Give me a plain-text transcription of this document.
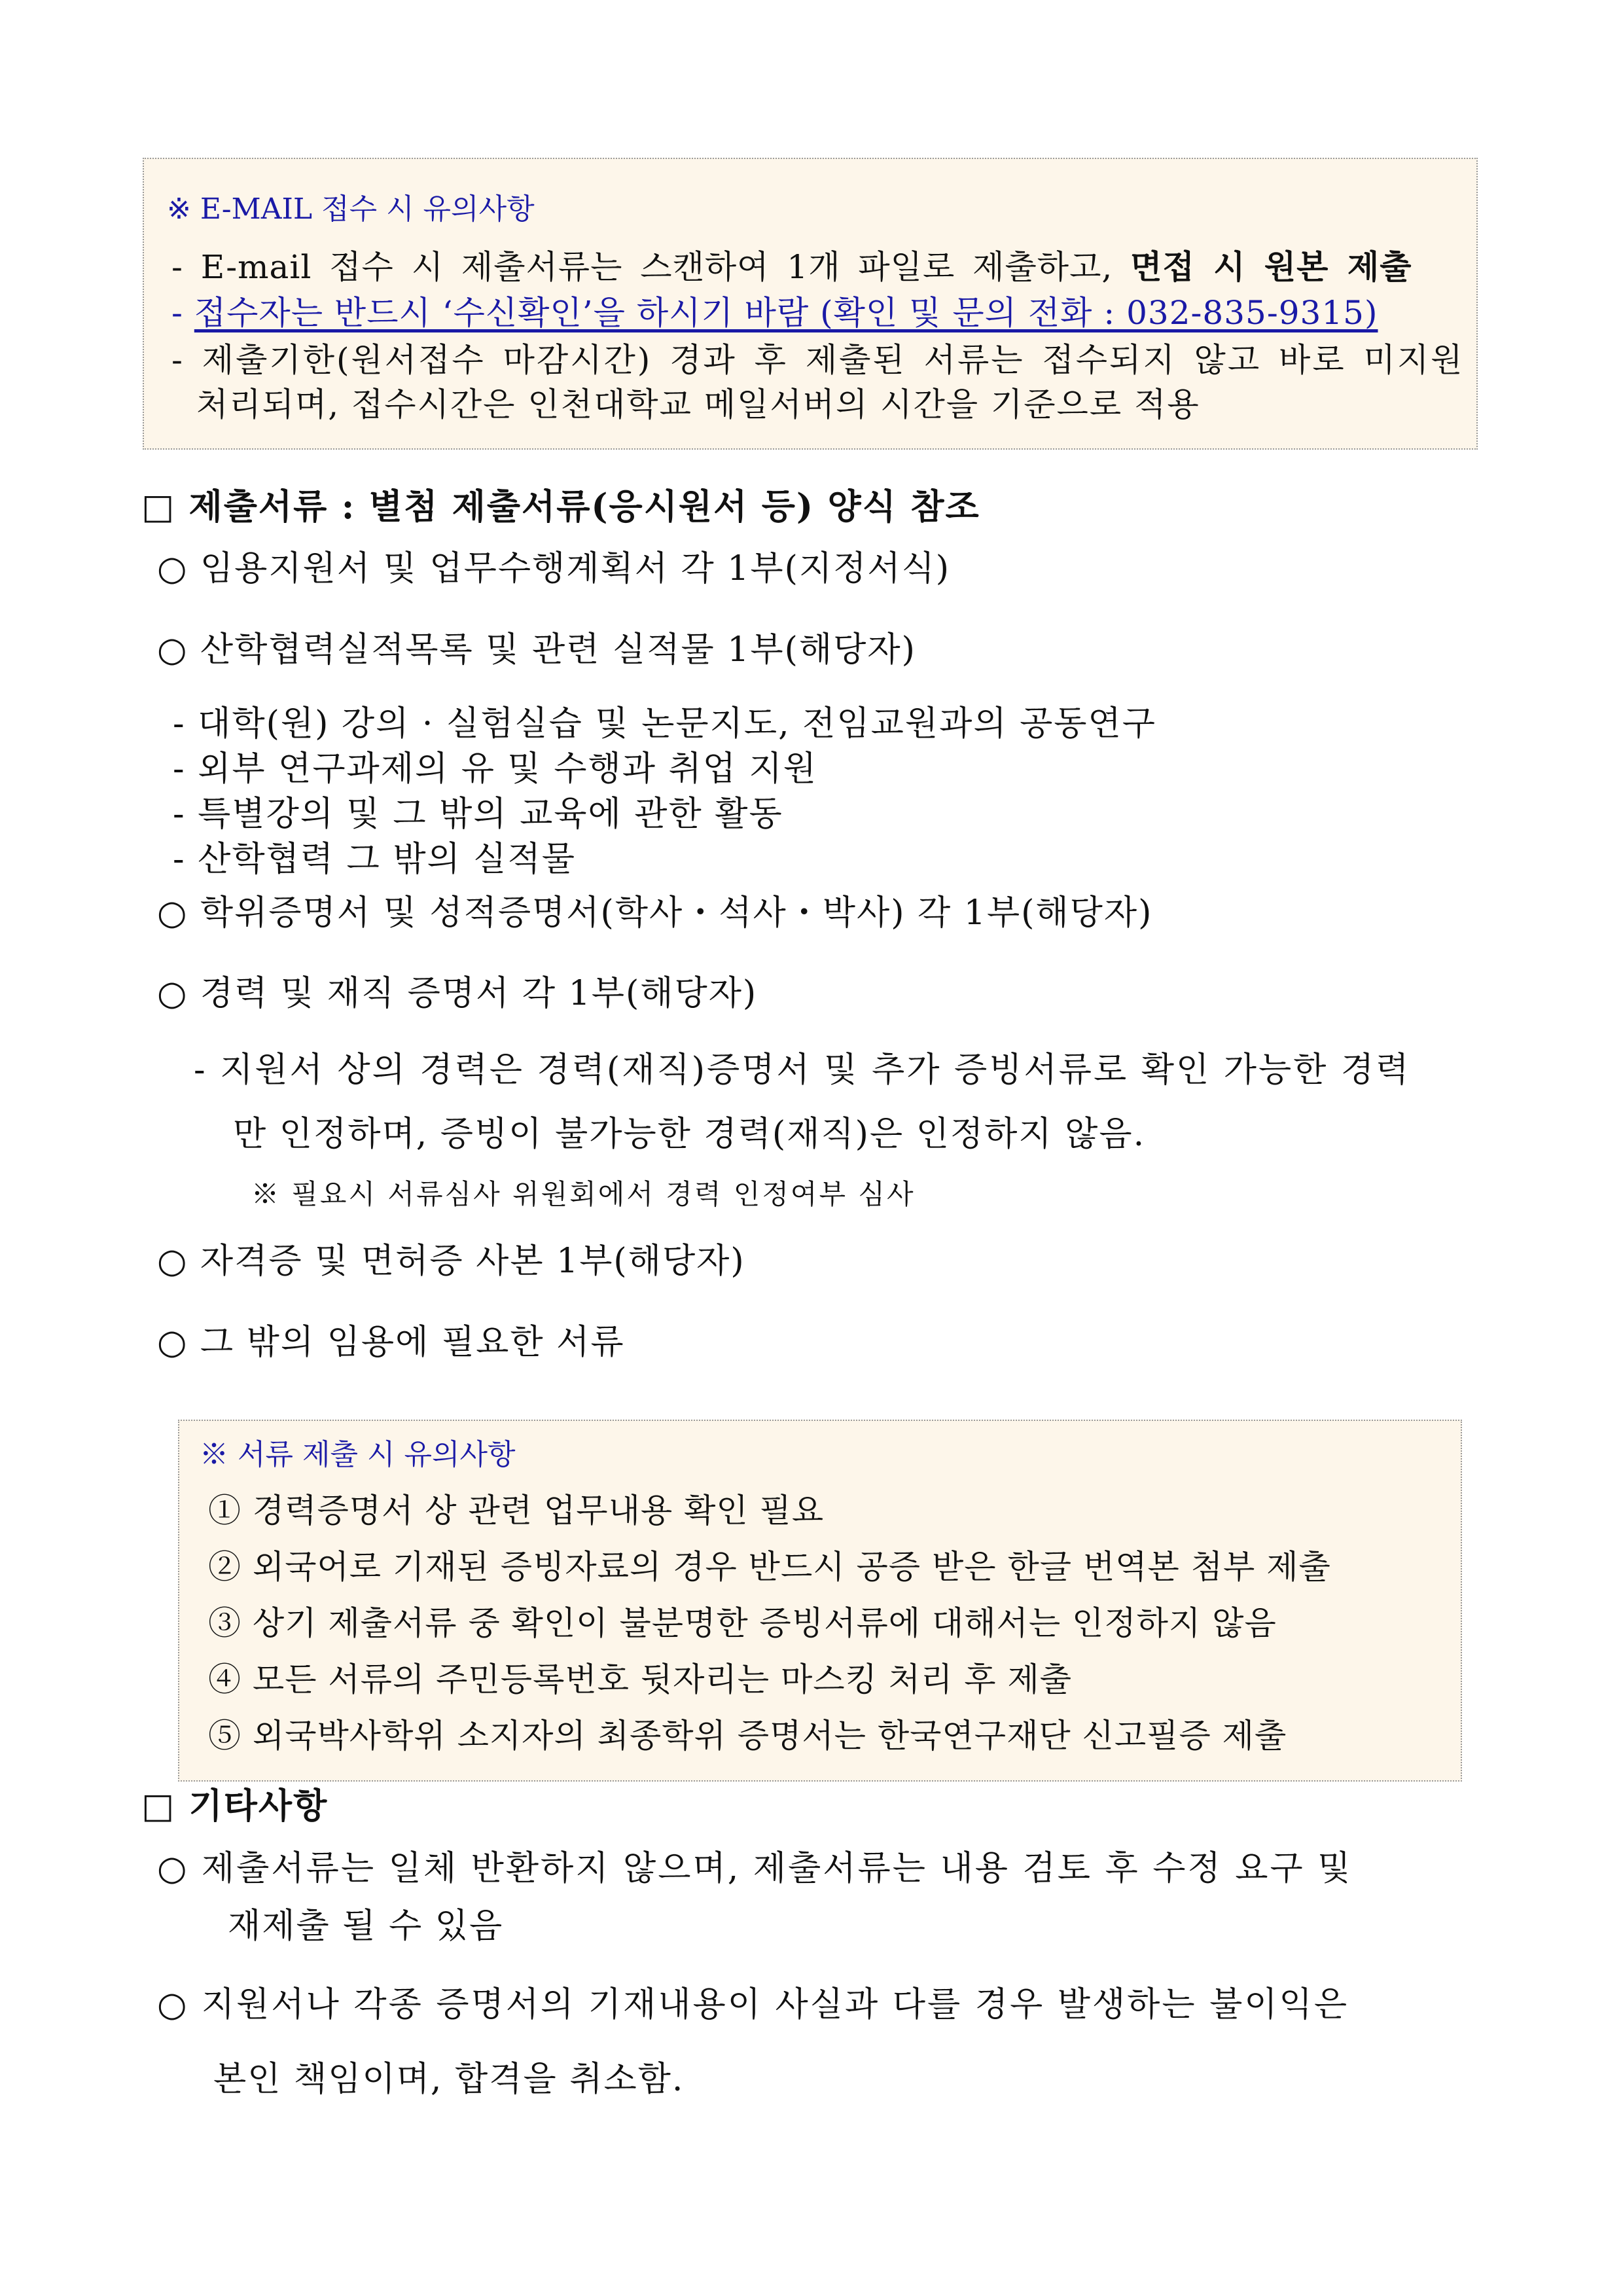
※ E-MAIL 접수 시 유의사항
- E-mail 접수 시 제출서류는 스캔하여 1개 파일로 제출하고, 면접 시 원본 제출
- 접수자는 반드시 ‘수신확인’을 하시기 바람 (확인 및 문의 전화 : 032-835-9315)
- 제출기한(원서접수 마감시간) 경과 후 제출된 서류는 접수되지 않고 바로 미지원
처리되며, 접수시간은 인천대학교 메일서버의 시간을 기준으로 적용
□ 제출서류 : 별첨 제출서류(응시원서 등) 양식 참조
○ 임용지원서 및 업무수행계획서 각 1부(지정서식)
○ 산학협력실적목록 및 관련 실적물 1부(해당자)
- 대학(원) 강의 · 실험실습 및 논문지도, 전임교원과의 공동연구
- 외부 연구과제의 유 및 수행과 취업 지원
- 특별강의 및 그 밖의 교육에 관한 활동
- 산학협력 그 밖의 실적물
○ 학위증명서 및 성적증명서(학사・석사・박사) 각 1부(해당자)
○ 경력 및 재직 증명서 각 1부(해당자)
- 지원서 상의 경력은 경력(재직)증명서 및 추가 증빙서류로 확인 가능한 경력
만 인정하며, 증빙이 불가능한 경력(재직)은 인정하지 않음.
※ 필요시 서류심사 위원회에서 경력 인정여부 심사
○ 자격증 및 면허증 사본 1부(해당자)
○ 그 밖의 임용에 필요한 서류
※ 서류 제출 시 유의사항
① 경력증명서 상 관련 업무내용 확인 필요
② 외국어로 기재된 증빙자료의 경우 반드시 공증 받은 한글 번역본 첨부 제출
③ 상기 제출서류 중 확인이 불분명한 증빙서류에 대해서는 인정하지 않음
④ 모든 서류의 주민등록번호 뒷자리는 마스킹 처리 후 제출
⑤ 외국박사학위 소지자의 최종학위 증명서는 한국연구재단 신고필증 제출
□ 기타사항
○ 제출서류는 일체 반환하지 않으며, 제출서류는 내용 검토 후 수정 요구 및
재제출 될 수 있음
○ 지원서나 각종 증명서의 기재내용이 사실과 다를 경우 발생하는 불이익은
본인 책임이며, 합격을 취소함.
